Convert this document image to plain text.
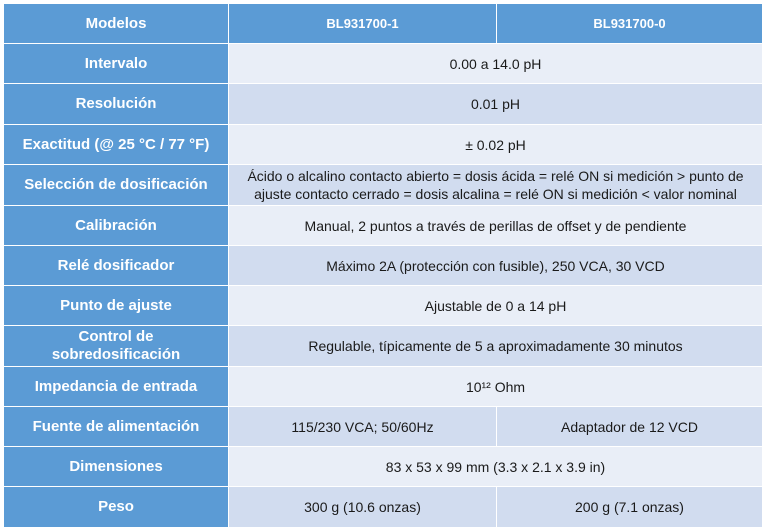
Modelos	BL931700-1	BL931700-0
Intervalo	0.00 a 14.0 pH	
Resolución	0.01 pH	
Exactitud (@ 25 °C / 77 °F)	± 0.02 pH	
Selección de dosificación	Ácido o alcalino contacto abierto = dosis ácida = relé ON si medición > punto de
ajuste contacto cerrado = dosis alcalina = relé ON si medición < valor nominal	

Calibración	Manual, 2 puntos a través de perillas de offset y de pendiente	
Relé dosificador	Máximo 2A (protección con fusible), 250 VCA, 30 VCD	
Punto de ajuste	Ajustable de 0 a 14 pH	

Control de
sobredosificación	Regulable, típicamente de 5 a aproximadamente 30 minutos	
Impedancia de entrada	10¹² Ohm	
Fuente de alimentación	115/230 VCA; 50/60Hz	Adaptador de 12 VCD
Dimensiones	83 x 53 x 99 mm (3.3 x 2.1 x 3.9 in)	
Peso	300 g (10.6 onzas)	200 g (7.1 onzas)
